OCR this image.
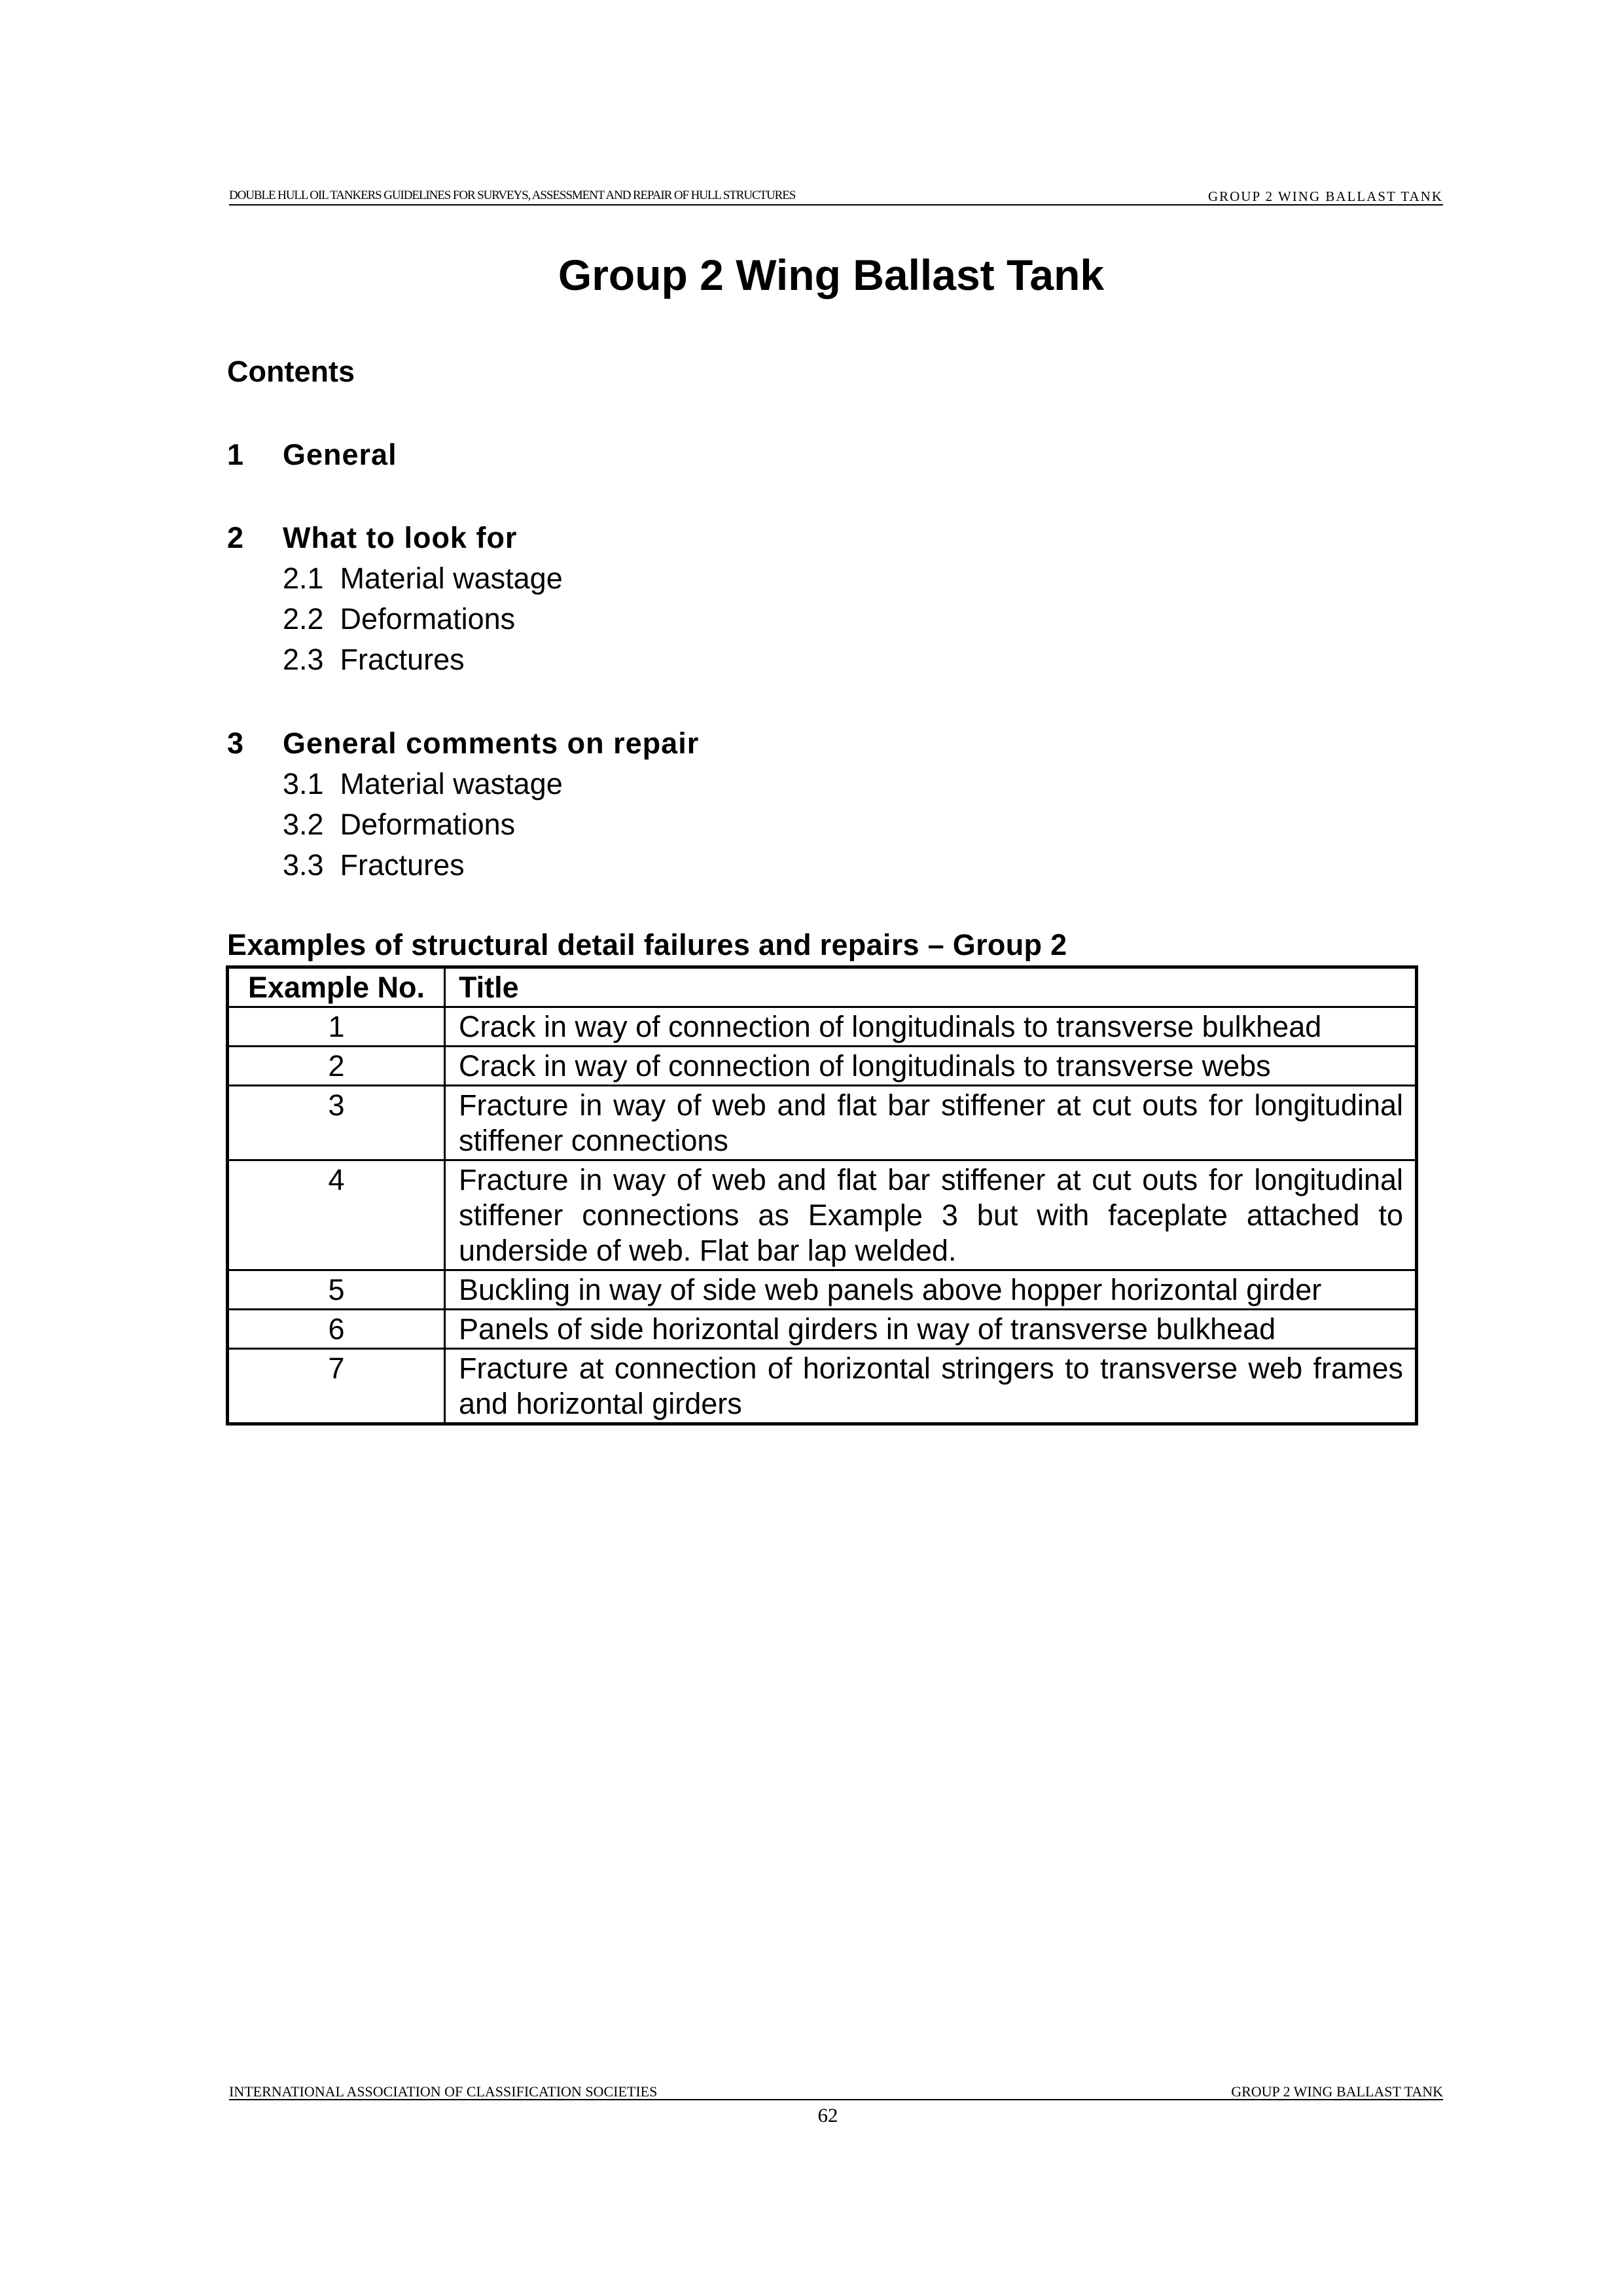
DOUBLE HULL OIL TANKERS GUIDELINES FOR SURVEYS, ASSESSMENT AND REPAIR OF HULL STRUCTURES	GROUP 2 WING BALLAST TANK
Group 2 Wing Ballast Tank
Contents
1 General
2 What to look for
2.1  Material wastage
2.2  Deformations
2.3  Fractures
3 General comments on repair
3.1  Material wastage
3.2  Deformations
3.3  Fractures
Examples of structural detail failures and repairs – Group 2
Example No.	Title
1	Crack in way of connection of longitudinals to transverse bulkhead
2	Crack in way of connection of longitudinals to transverse webs
3	Fracture in way of web and flat bar stiffener at cut outs for longitudinal stiffener connections
4	Fracture in way of web and flat bar stiffener at cut outs for longitudinal stiffener connections as Example 3 but with faceplate attached to underside of web. Flat bar lap welded.
5	Buckling in way of side web panels above hopper horizontal girder
6	Panels of side horizontal girders in way of transverse bulkhead
7	Fracture at connection of horizontal stringers to transverse web frames and horizontal girders
INTERNATIONAL ASSOCIATION OF CLASSIFICATION SOCIETIES	GROUP 2 WING BALLAST TANK
62
